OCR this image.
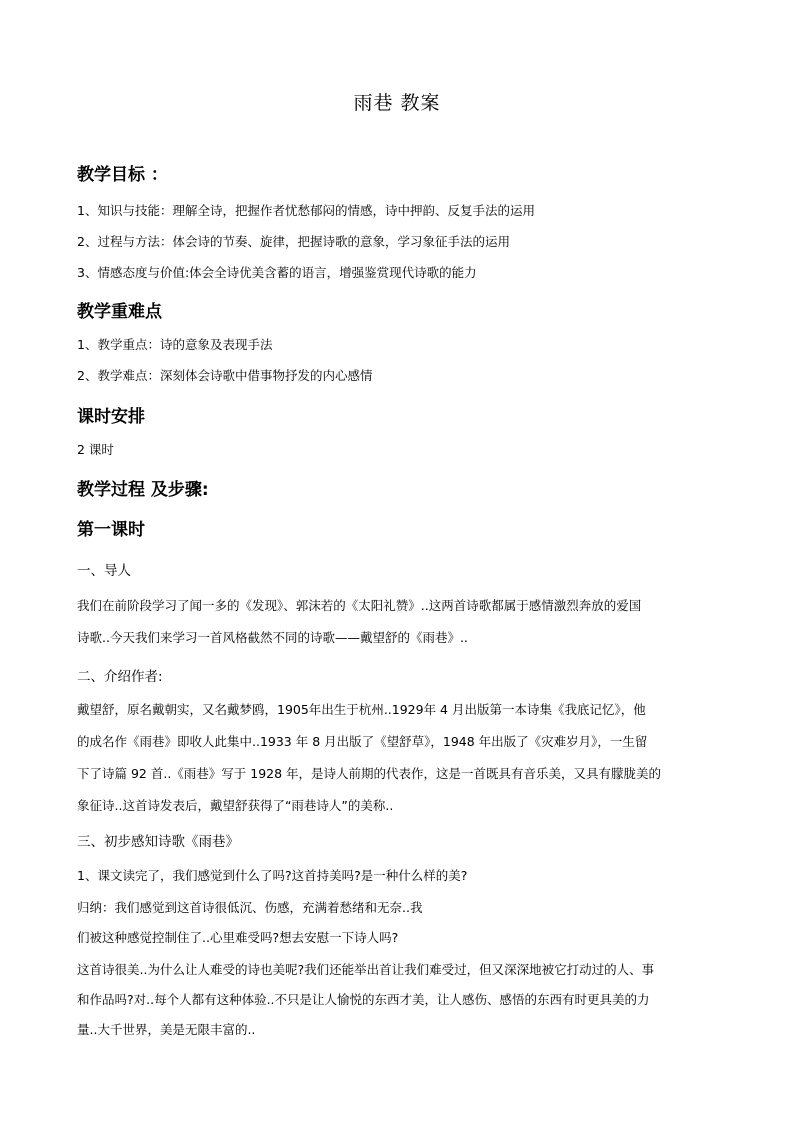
雨巷 教案
教学目标 ：
1、知识与技能：理解全诗，把握作者忧愁郁闷的情感，诗中押韵、反复手法的运用
2、过程与方法：体会诗的节奏、旋律，把握诗歌的意象，学习象征手法的运用
3、情感态度与价值:体会全诗优美含蓄的语言，增强鉴赏现代诗歌的能力
教学重难点
1、教学重点：诗的意象及表现手法
2、教学难点：深刻体会诗歌中借事物抒发的内心感情
课时安排
2 课时
教学过程 及步骤:
第一课时
一、导人
我们在前阶段学习了闻一多的《发现》、郭沫若的《太阳礼赞》..这两首诗歌都属于感情激烈奔放的爱国
诗歌..今天我们来学习一首风格截然不同的诗歌——戴望舒的《雨巷》..
二、介绍作者:
戴望舒，原名戴朝实，又名戴梦鸥，1905年出生于杭州..1929年 4 月出版第一本诗集《我底记忆》，他
的成名作《雨巷》即收人此集中..1933 年 8 月出版了《望舒草》，1948 年出版了《灾难岁月》，一生留
下了诗篇 92 首..《雨巷》写于 1928 年，是诗人前期的代表作，这是一首既具有音乐美，又具有朦胧美的
象征诗..这首诗发表后，戴望舒获得了“雨巷诗人”的美称..
三、初步感知诗歌《雨巷》
1、课文读完了，我们感觉到什么了吗?这首持美吗?是一种什么样的美?
归纳：我们感觉到这首诗很低沉、伤感，充满着愁绪和无奈..我
们被这种感觉控制住了..心里难受吗?想去安慰一下诗人吗?
这首诗很美..为什么让人难受的诗也美呢?我们还能举出首让我们难受过，但又深深地被它打动过的人、事
和作品吗?对..每个人都有这种体验..不只是让人愉悦的东西才美，让人感伤、感悟的东西有时更具美的力
量..大千世界，美是无限丰富的..
